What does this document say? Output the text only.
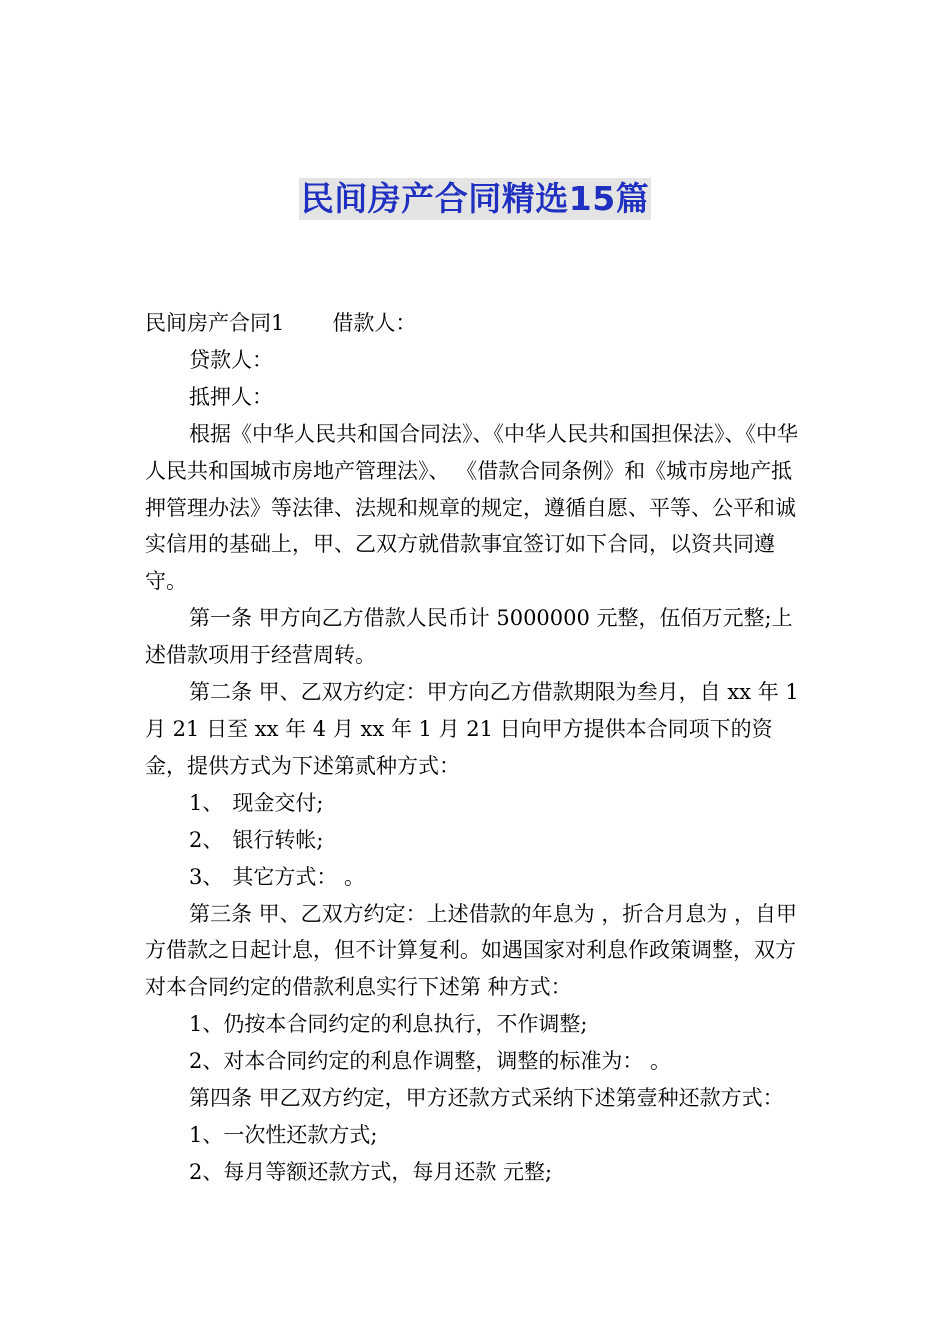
民间房产合同精选15篇

民间房产合同1 借款人：

贷款人：

抵押人：

根据《中华人民共和国合同法》、《中华人民共和国担保法》、《中华人民共和国城市房地产管理法》、 《借款合同条例》和《城市房地产抵押管理办法》等法律、法规和规章的规定，遵循自愿、平等、公平和诚实信用的基础上，甲、乙双方就借款事宜签订如下合同，以资共同遵守。

第一条 甲方向乙方借款人民币计 5000000 元整，伍佰万元整;上述借款项用于经营周转。

第二条 甲、乙双方约定：甲方向乙方借款期限为叁月，自 xx 年 1 月 21 日至 xx 年 4 月 xx 年 1 月 21 日向甲方提供本合同项下的资金，提供方式为下述第贰种方式：

1、 现金交付;

2、 银行转帐;

3、 其它方式： 。

第三条 甲、乙双方约定：上述借款的年息为 ，折合月息为 ，自甲方借款之日起计息，但不计算复利。如遇国家对利息作政策调整，双方对本合同约定的借款利息实行下述第 种方式：

1、仍按本合同约定的利息执行，不作调整;

2、对本合同约定的利息作调整，调整的标准为： 。

第四条 甲乙双方约定，甲方还款方式采纳下述第壹种还款方式：

1、一次性还款方式;

2、每月等额还款方式，每月还款 元整;
